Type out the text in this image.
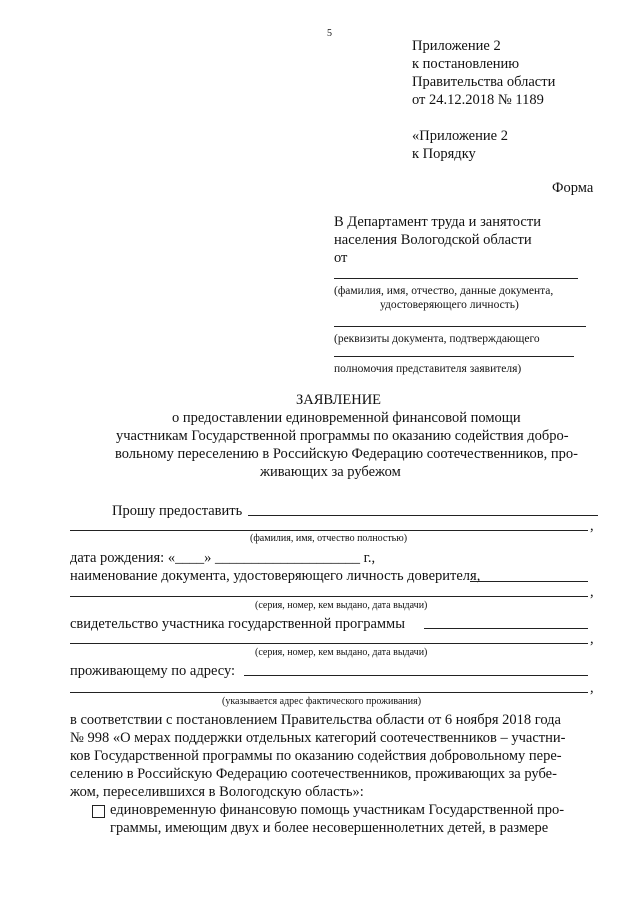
5
Приложение 2
к постановлению
Правительства области
от 24.12.2018 № 1189
«Приложение 2
к Порядку
Форма
В Департамент труда и занятости
населения Вологодской области
от
(фамилия, имя, отчество, данные документа,
удостоверяющего личность)
(реквизиты документа, подтверждающего
полномочия представителя заявителя)
ЗАЯВЛЕНИЕ
о предоставлении единовременной финансовой помощи
участникам Государственной программы по оказанию содействия добро-
вольному переселению в Российскую Федерацию соотечественников, про-
живающих за рубежом
Прошу предоставить
,
(фамилия, имя, отчество полностью)
дата рождения: «____» ____________________ г.,
наименование документа, удостоверяющего личность доверителя,
,
(серия, номер, кем выдано, дата выдачи)
свидетельство участника государственной программы
,
(серия, номер, кем выдано, дата выдачи)
проживающему по адресу:
,
(указывается адрес фактического проживания)
в соответствии с постановлением Правительства области от 6 ноября 2018 года
№ 998 «О мерах поддержки отдельных категорий соотечественников – участни-
ков Государственной программы по оказанию содействия добровольному пере-
селению в Российскую Федерацию соотечественников, проживающих за рубе-
жом, переселившихся в Вологодскую область»:
единовременную финансовую помощь участникам Государственной про-
граммы, имеющим двух и более несовершеннолетних детей, в размере
